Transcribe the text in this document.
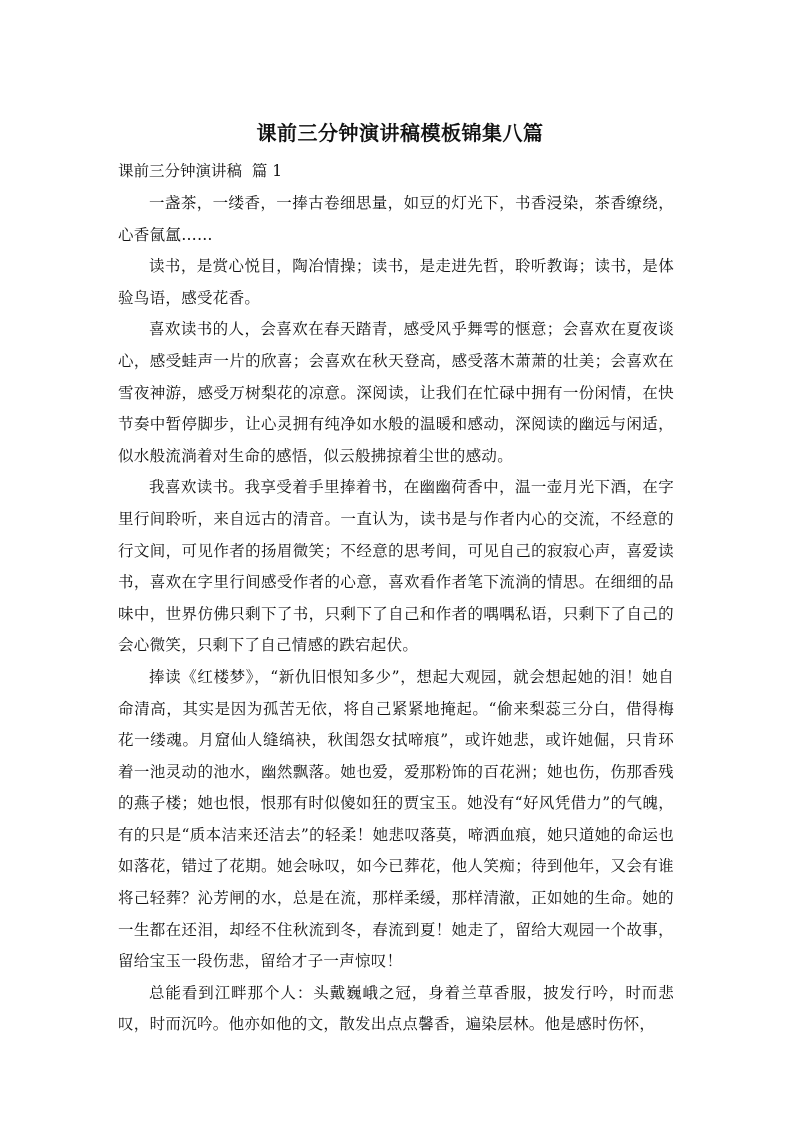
课前三分钟演讲稿模板锦集八篇
课前三分钟演讲稿  篇 1

一盏茶，一缕香，一捧古卷细思量，如豆的灯光下，书香浸染，茶香缭绕，心香氤氲……

读书，是赏心悦目，陶冶情操；读书，是走进先哲，聆听教诲；读书，是体验鸟语，感受花香。

喜欢读书的人，会喜欢在春天踏青，感受风乎舞雩的惬意；会喜欢在夏夜谈心，感受蛙声一片的欣喜；会喜欢在秋天登高，感受落木萧萧的壮美；会喜欢在雪夜神游，感受万树梨花的凉意。深阅读，让我们在忙碌中拥有一份闲情，在快节奏中暂停脚步，让心灵拥有纯净如水般的温暖和感动，深阅读的幽远与闲适，似水般流淌着对生命的感悟，似云般拂掠着尘世的感动。

我喜欢读书。我享受着手里捧着书，在幽幽荷香中，温一壶月光下酒，在字里行间聆听，来自远古的清音。一直认为，读书是与作者内心的交流，不经意的行文间，可见作者的扬眉微笑；不经意的思考间，可见自己的寂寂心声，喜爱读书，喜欢在字里行间感受作者的心意，喜欢看作者笔下流淌的情思。在细细的品味中，世界仿佛只剩下了书，只剩下了自己和作者的喁喁私语，只剩下了自己的会心微笑，只剩下了自己情感的跌宕起伏。

捧读《红楼梦》，“新仇旧恨知多少”，想起大观园，就会想起她的泪！她自命清高，其实是因为孤苦无依，将自己紧紧地掩起。“偷来梨蕊三分白，借得梅花一缕魂。月窟仙人缝缟袂，秋闺怨女拭啼痕”，或许她悲，或许她倔，只肯环着一池灵动的池水，幽然飘落。她也爱，爱那粉饰的百花洲；她也伤，伤那香残的燕子楼；她也恨，恨那有时似傻如狂的贾宝玉。她没有“好风凭借力”的气魄，有的只是“质本洁来还洁去”的轻柔！她悲叹落莫，啼洒血痕，她只道她的命运也如落花，错过了花期。她会咏叹，如今已葬花，他人笑痴；待到他年，又会有谁将己轻葬？沁芳闸的水，总是在流，那样柔缓，那样清澈，正如她的生命。她的一生都在还泪，却经不住秋流到冬，春流到夏！她走了，留给大观园一个故事，留给宝玉一段伤悲，留给才子一声惊叹！

总能看到江畔那个人：头戴巍峨之冠，身着兰草香服，披发行吟，时而悲叹，时而沉吟。他亦如他的文，散发出点点馨香，遍染层林。他是感时伤怀，
